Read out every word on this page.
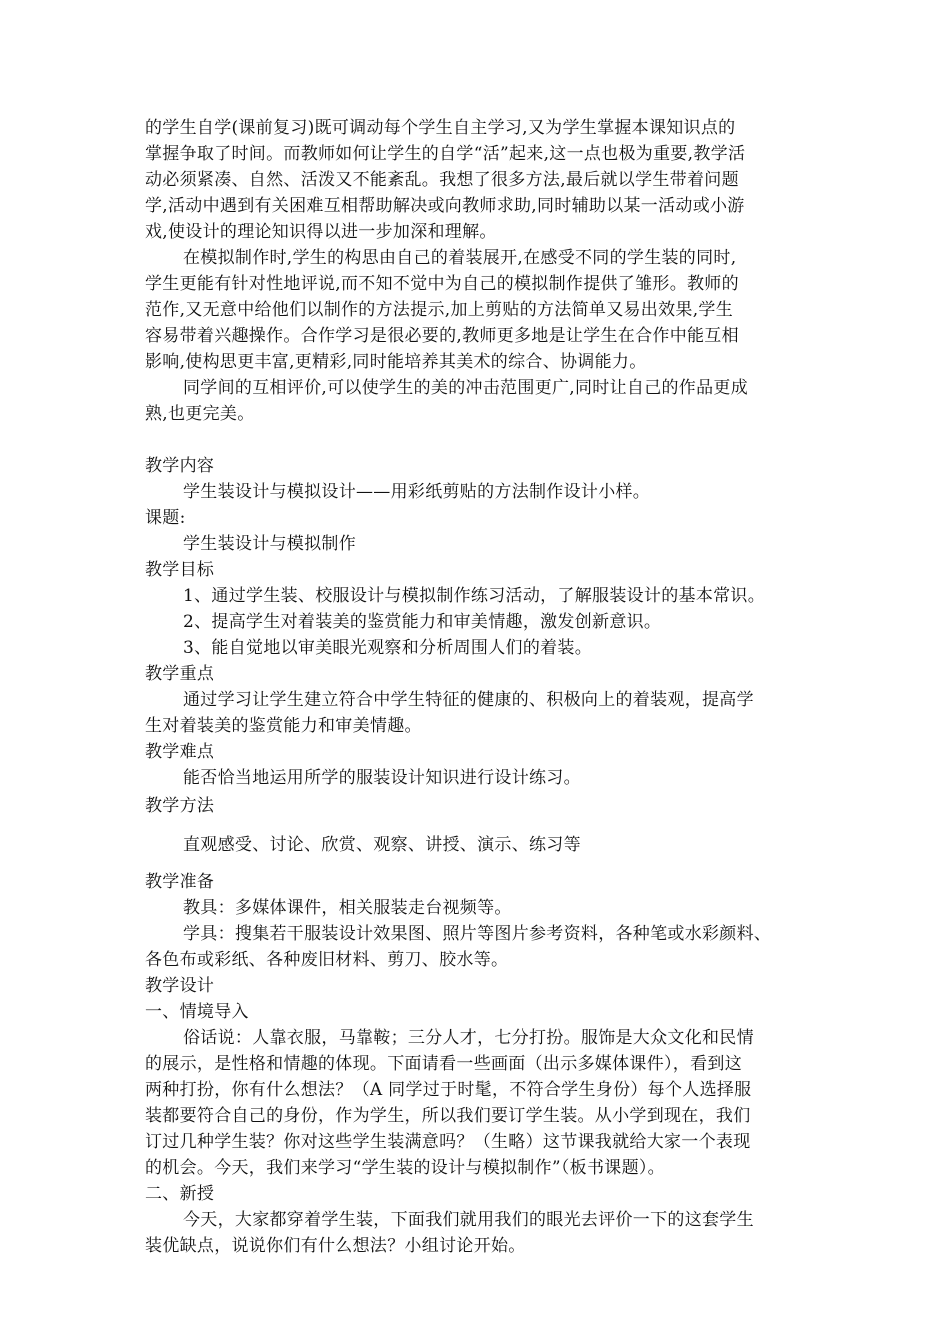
的学生自学(课前复习)既可调动每个学生自主学习,又为学生掌握本课知识点的
掌握争取了时间。而教师如何让学生的自学“活”起来,这一点也极为重要,教学活
动必须紧凑、自然、活泼又不能紊乱。我想了很多方法,最后就以学生带着问题
学,活动中遇到有关困难互相帮助解决或向教师求助,同时辅助以某一活动或小游
戏,使设计的理论知识得以进一步加深和理解。
在模拟制作时,学生的构思由自己的着装展开,在感受不同的学生装的同时,
学生更能有针对性地评说,而不知不觉中为自己的模拟制作提供了雏形。教师的
范作,又无意中给他们以制作的方法提示,加上剪贴的方法简单又易出效果,学生
容易带着兴趣操作。合作学习是很必要的,教师更多地是让学生在合作中能互相
影响,使构思更丰富,更精彩,同时能培养其美术的综合、协调能力。
同学间的互相评价,可以使学生的美的冲击范围更广,同时让自己的作品更成
熟,也更完美。
教学内容
学生装设计与模拟设计——用彩纸剪贴的方法制作设计小样。
课题:
学生装设计与模拟制作
教学目标
1、通过学生装、校服设计与模拟制作练习活动，了解服装设计的基本常识。
2、提高学生对着装美的鉴赏能力和审美情趣，激发创新意识。
3、能自觉地以审美眼光观察和分析周围人们的着装。
教学重点
通过学习让学生建立符合中学生特征的健康的、积极向上的着装观，提高学
生对着装美的鉴赏能力和审美情趣。
教学难点
能否恰当地运用所学的服装设计知识进行设计练习。
教学方法
直观感受、讨论、欣赏、观察、讲授、演示、练习等
教学准备
教具：多媒体课件，相关服装走台视频等。
学具：搜集若干服装设计效果图、照片等图片参考资料，各种笔或水彩颜料、
各色布或彩纸、各种废旧材料、剪刀、胶水等。
教学设计
一、情境导入
俗话说：人靠衣服，马靠鞍；三分人才，七分打扮。服饰是大众文化和民情
的展示，是性格和情趣的体现。下面请看一些画面（出示多媒体课件），看到这
两种打扮，你有什么想法？（A 同学过于时髦，不符合学生身份）每个人选择服
装都要符合自己的身份，作为学生，所以我们要订学生装。从小学到现在，我们
订过几种学生装？你对这些学生装满意吗？（生略）这节课我就给大家一个表现
的机会。今天，我们来学习“学生装的设计与模拟制作”（板书课题）。
二、新授
今天，大家都穿着学生装，下面我们就用我们的眼光去评价一下的这套学生
装优缺点，说说你们有什么想法？小组讨论开始。
